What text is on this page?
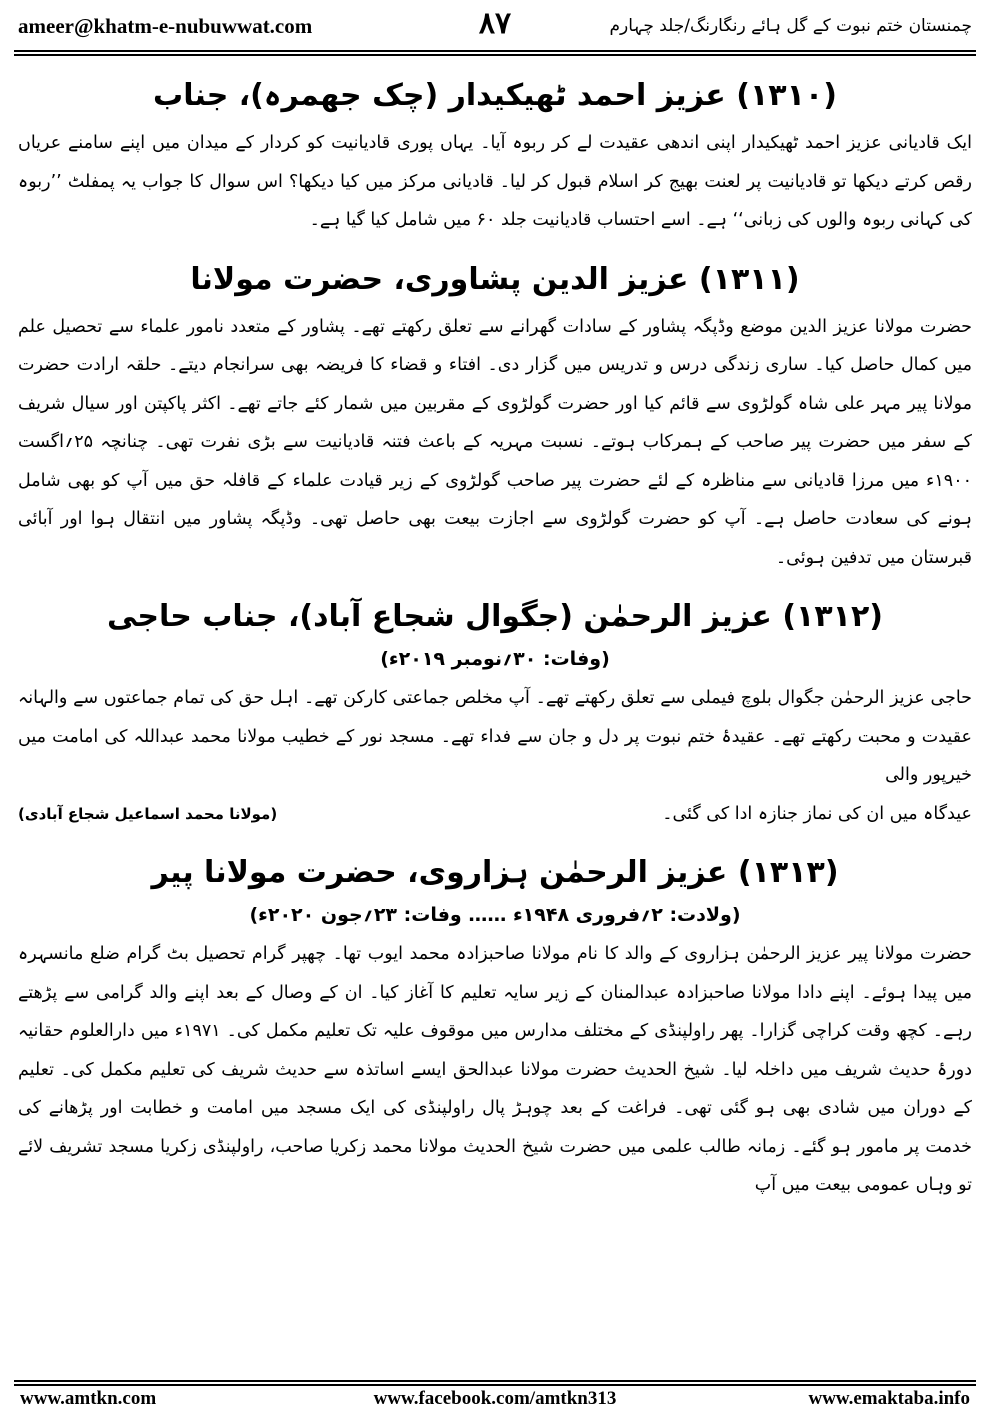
ameer@khatm-e-nubuwwat.com	۸۷	چمنستان ختم نبوت کے گل ہائے رنگارنگ/جلد چہارم
(۱۳۱۰) عزیز احمد ٹھیکیدار (چک جھمرہ)، جناب

ایک قادیانی عزیز احمد ٹھیکیدار اپنی اندھی عقیدت لے کر ربوہ آیا۔ یہاں پوری قادیانیت کو کردار کے میدان میں اپنے سامنے عریاں رقص کرتے دیکھا تو قادیانیت پر لعنت بھیج کر اسلام قبول کر لیا۔ قادیانی مرکز میں کیا دیکھا؟ اس سوال کا جواب یہ پمفلٹ ’’ربوہ کی کہانی ربوہ والوں کی زبانی‘‘ ہے۔ اسے احتساب قادیانیت جلد ۶۰ میں شامل کیا گیا ہے۔

(۱۳۱۱) عزیز الدین پشاوری، حضرت مولانا

حضرت مولانا عزیز الدین موضع وڈپگہ پشاور کے سادات گھرانے سے تعلق رکھتے تھے۔ پشاور کے متعدد نامور علماء سے تحصیل علم میں کمال حاصل کیا۔ ساری زندگی درس و تدریس میں گزار دی۔ افتاء و قضاء کا فریضہ بھی سرانجام دیتے۔ حلقہ ارادت حضرت مولانا پیر مہر علی شاہ گولڑوی سے قائم کیا اور حضرت گولڑوی کے مقربین میں شمار کئے جاتے تھے۔ اکثر پاکپتن اور سیال شریف کے سفر میں حضرت پیر صاحب کے ہمرکاب ہوتے۔ نسبت مہریہ کے باعث فتنہ قادیانیت سے بڑی نفرت تھی۔ چنانچہ ۲۵؍اگست ۱۹۰۰ء میں مرزا قادیانی سے مناظرہ کے لئے حضرت پیر صاحب گولڑوی کے زیر قیادت علماء کے قافلہ حق میں آپ کو بھی شامل ہونے کی سعادت حاصل ہے۔ آپ کو حضرت گولڑوی سے اجازت بیعت بھی حاصل تھی۔ وڈپگہ پشاور میں انتقال ہوا اور آبائی قبرستان میں تدفین ہوئی۔

(۱۳۱۲) عزیز الرحمٰن (جگوال شجاع آباد)، جناب حاجی
(وفات: ۳۰؍نومبر ۲۰۱۹ء)

حاجی عزیز الرحمٰن جگوال بلوچ فیملی سے تعلق رکھتے تھے۔ آپ مخلص جماعتی کارکن تھے۔ اہل حق کی تمام جماعتوں سے والہانہ عقیدت و محبت رکھتے تھے۔ عقیدۂ ختم نبوت پر دل و جان سے فداء تھے۔ مسجد نور کے خطیب مولانا محمد عبداللہ کی امامت میں خیرپور والی

عیدگاہ میں ان کی نماز جنازہ ادا کی گئی۔
(مولانا محمد اسماعیل شجاع آبادی)
(۱۳۱۳) عزیز الرحمٰن ہزاروی، حضرت مولانا پیر
(ولادت: ۲؍فروری ۱۹۴۸ء …… وفات: ۲۳؍جون ۲۰۲۰ء)

حضرت مولانا پیر عزیز الرحمٰن ہزاروی کے والد کا نام مولانا صاحبزادہ محمد ایوب تھا۔ چھپر گرام تحصیل بٹ گرام ضلع مانسہرہ میں پیدا ہوئے۔ اپنے دادا مولانا صاحبزادہ عبدالمنان کے زیر سایہ تعلیم کا آغاز کیا۔ ان کے وصال کے بعد اپنے والد گرامی سے پڑھتے رہے۔ کچھ وقت کراچی گزارا۔ پھر راولپنڈی کے مختلف مدارس میں موقوف علیہ تک تعلیم مکمل کی۔ ۱۹۷۱ء میں دارالعلوم حقانیہ دورۂ حدیث شریف میں داخلہ لیا۔ شیخ الحدیث حضرت مولانا عبدالحق ایسے اساتذہ سے حدیث شریف کی تعلیم مکمل کی۔ تعلیم کے دوران میں شادی بھی ہو گئی تھی۔ فراغت کے بعد چوہڑ پال راولپنڈی کی ایک مسجد میں امامت و خطابت اور پڑھانے کی خدمت پر مامور ہو گئے۔ زمانہ طالب علمی میں حضرت شیخ الحدیث مولانا محمد زکریا صاحب، راولپنڈی زکریا مسجد تشریف لائے تو وہاں عمومی بیعت میں آپ

www.amtkn.com	www.facebook.com/amtkn313	www.emaktaba.info
